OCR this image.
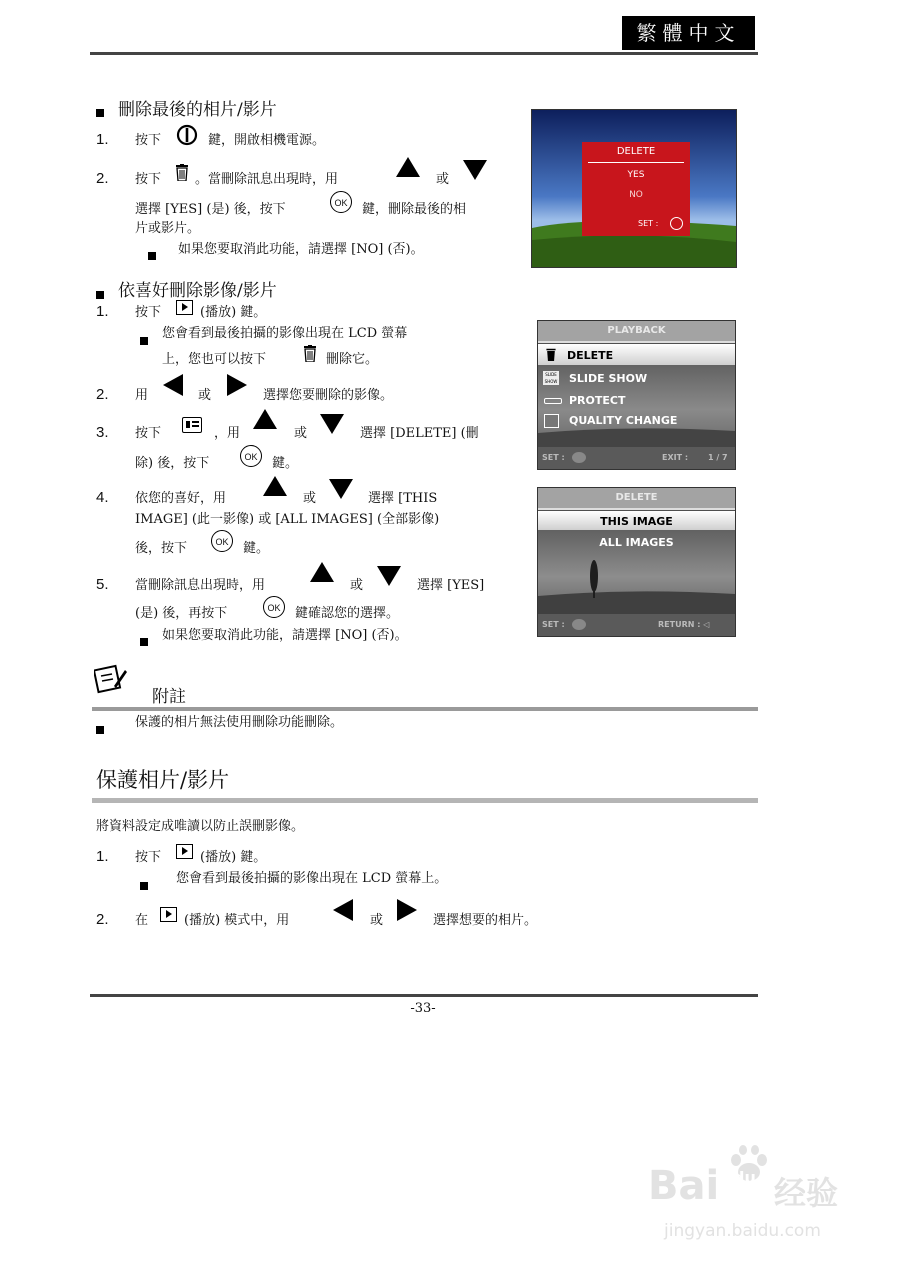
繁體中文
刪除最後的相片/影片
1. 按下	鍵，開啟相機電源。
2. 按下	。當刪除訊息出現時，用	或
選擇 [YES] (是) 後，按下	OK	鍵，刪除最後的相
片或影片。
如果您要取消此功能，請選擇 [NO] (否)。
DELETE
YES
NO
SET :
依喜好刪除影像/影片
1. 按下	(播放) 鍵。
您會看到最後拍攝的影像出現在 LCD 螢幕
上，您也可以按下	刪除它。
2. 用	或	選擇您要刪除的影像。
3. 按下	，用	或	選擇 [DELETE] (刪
除) 後，按下	OK	鍵。
4. 依您的喜好，用	或	選擇 [THIS
IMAGE] (此一影像) 或 [ALL IMAGES] (全部影像)
後，按下	OK	鍵。
5. 當刪除訊息出現時，用	或	選擇 [YES]
(是) 後，再按下	OK	鍵確認您的選擇。
如果您要取消此功能，請選擇 [NO] (否)。
PLAYBACK
DELETE
SLIDE SHOW SLIDE SHOW
PROTECT
QUALITY CHANGE
SET :	EXIT : 1 / 7
DELETE
THIS IMAGE
ALL IMAGES
SET :	RETURN : ◁
附註
保護的相片無法使用刪除功能刪除。
保護相片/影片
將資料設定成唯讀以防止誤刪影像。
1. 按下	(播放) 鍵。
您會看到最後拍攝的影像出現在 LCD 螢幕上。
2. 在	(播放) 模式中，用	或	選擇想要的相片。
-33-
Bai du 经验
jingyan.baidu.com
